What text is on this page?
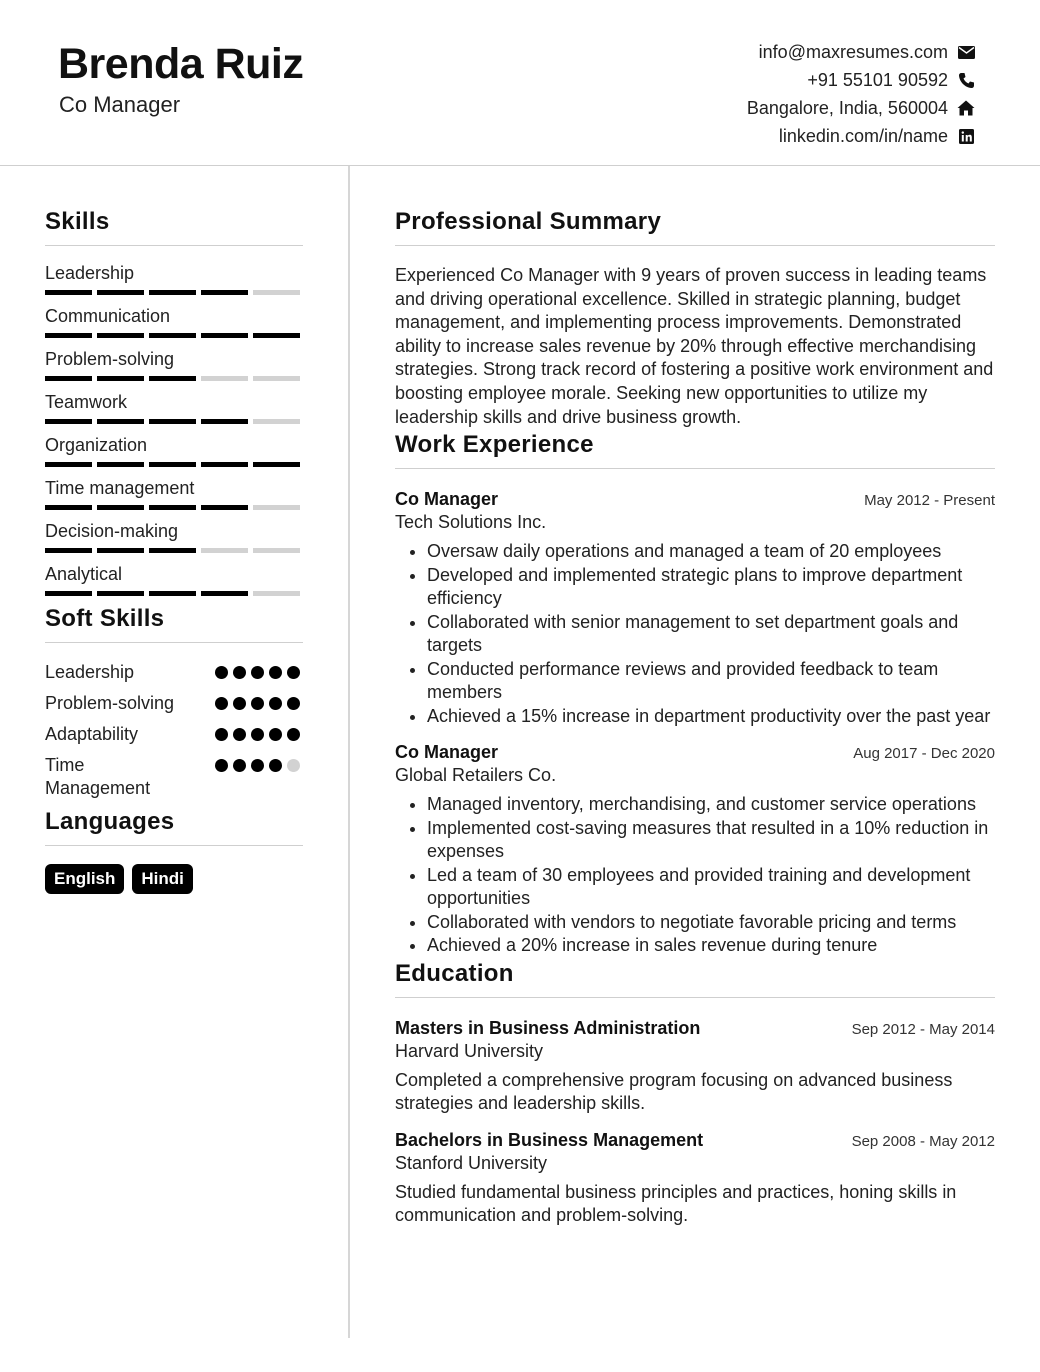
Brenda Ruiz
Co Manager
info@maxresumes.com
+91 55101 90592
Bangalore, India, 560004
linkedin.com/in/name
Skills
Leadership
Communication
Problem-solving
Teamwork
Organization
Time management
Decision-making
Analytical
Soft Skills
Leadership
Problem-solving
Adaptability
Time Management
Languages
English	Hindi
Professional Summary
Experienced Co Manager with 9 years of proven success in leading teams and driving operational excellence. Skilled in strategic planning, budget management, and implementing process improvements. Demonstrated ability to increase sales revenue by 20% through effective merchandising strategies. Strong track record of fostering a positive work environment and boosting employee morale. Seeking new opportunities to utilize my leadership skills and drive business growth.
Work Experience
Co Manager	May 2012 - Present
Tech Solutions Inc.
• Oversaw daily operations and managed a team of 20 employees
• Developed and implemented strategic plans to improve department efficiency
• Collaborated with senior management to set department goals and targets
• Conducted performance reviews and provided feedback to team members
• Achieved a 15% increase in department productivity over the past year
Co Manager	Aug 2017 - Dec 2020
Global Retailers Co.
• Managed inventory, merchandising, and customer service operations
• Implemented cost-saving measures that resulted in a 10% reduction in expenses
• Led a team of 30 employees and provided training and development opportunities
• Collaborated with vendors to negotiate favorable pricing and terms
• Achieved a 20% increase in sales revenue during tenure
Education
Masters in Business Administration	Sep 2012 - May 2014
Harvard University
Completed a comprehensive program focusing on advanced business strategies and leadership skills.
Bachelors in Business Management	Sep 2008 - May 2012
Stanford University
Studied fundamental business principles and practices, honing skills in communication and problem-solving.
